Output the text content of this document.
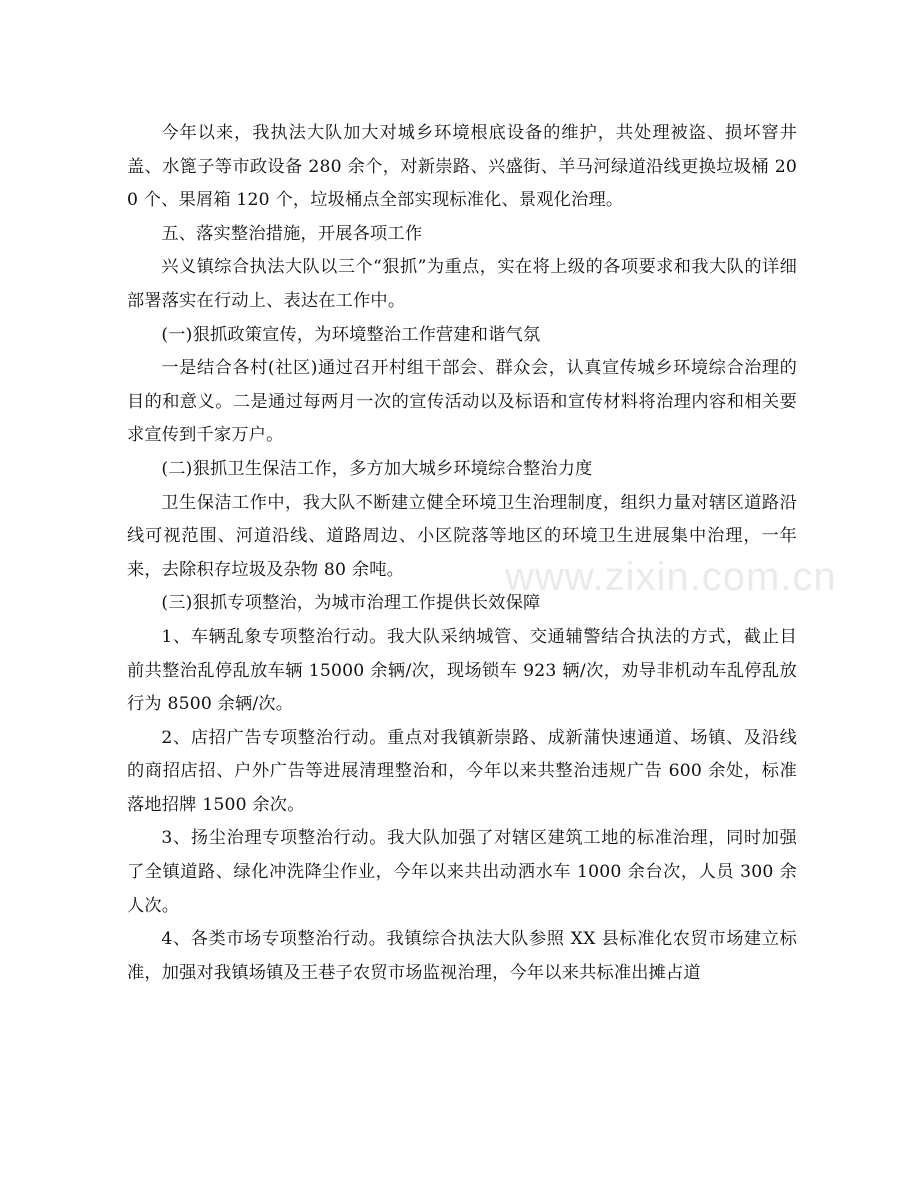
今年以来，我执法大队加大对城乡环境根底设备的维护，共处理被盗、损坏窨井盖、水篦子等市政设备 280 余个，对新崇路、兴盛街、羊马河绿道沿线更换垃圾桶 200 个、果屑箱 120 个，垃圾桶点全部实现标准化、景观化治理。

五、落实整治措施，开展各项工作

兴义镇综合执法大队以三个“狠抓”为重点，实在将上级的各项要求和我大队的详细部署落实在行动上、表达在工作中。

(一)狠抓政策宣传，为环境整治工作营建和谐气氛

一是结合各村(社区)通过召开村组干部会、群众会，认真宣传城乡环境综合治理的目的和意义。二是通过每两月一次的宣传活动以及标语和宣传材料将治理内容和相关要求宣传到千家万户。

(二)狠抓卫生保洁工作，多方加大城乡环境综合整治力度

卫生保洁工作中，我大队不断建立健全环境卫生治理制度，组织力量对辖区道路沿线可视范围、河道沿线、道路周边、小区院落等地区的环境卫生进展集中治理，一年来，去除积存垃圾及杂物 80 余吨。

(三)狠抓专项整治，为城市治理工作提供长效保障

1、车辆乱象专项整治行动。我大队采纳城管、交通辅警结合执法的方式，截止目前共整治乱停乱放车辆 15000 余辆/次，现场锁车 923 辆/次，劝导非机动车乱停乱放行为 8500 余辆/次。

2、店招广告专项整治行动。重点对我镇新崇路、成新蒲快速通道、场镇、及沿线的商招店招、户外广告等进展清理整治和，今年以来共整治违规广告 600 余处，标准落地招牌 1500 余次。

3、扬尘治理专项整治行动。我大队加强了对辖区建筑工地的标准治理，同时加强了全镇道路、绿化冲洗降尘作业，今年以来共出动洒水车 1000 余台次，人员 300 余人次。

4、各类市场专项整治行动。我镇综合执法大队参照 XX 县标准化农贸市场建立标准，加强对我镇场镇及王巷子农贸市场监视治理，今年以来共标准出摊占道

www.zixin.com.cn
